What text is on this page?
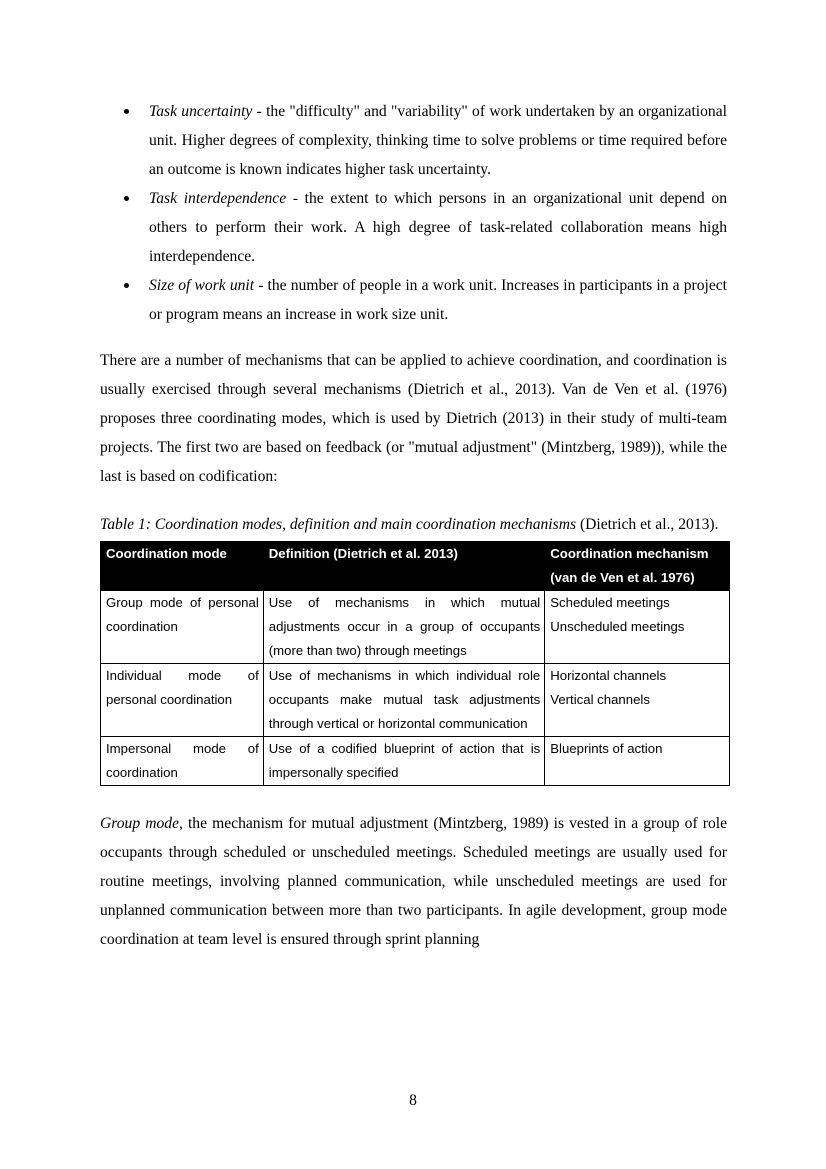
Task uncertainty - the "difficulty" and "variability" of work undertaken by an organizational unit. Higher degrees of complexity, thinking time to solve problems or time required before an outcome is known indicates higher task uncertainty.
Task interdependence - the extent to which persons in an organizational unit depend on others to perform their work. A high degree of task-related collaboration means high interdependence.
Size of work unit - the number of people in a work unit. Increases in participants in a project or program means an increase in work size unit.

There are a number of mechanisms that can be applied to achieve coordination, and coordination is usually exercised through several mechanisms (Dietrich et al., 2013). Van de Ven et al. (1976) proposes three coordinating modes, which is used by Dietrich (2013) in their study of multi-team projects. The first two are based on feedback (or "mutual adjustment" (Mintzberg, 1989)), while the last is based on codification:

Table 1: Coordination modes, definition and main coordination mechanisms (Dietrich et al., 2013).

Coordination mode	Definition (Dietrich et al. 2013)	Coordination mechanism (van de Ven et al. 1976)
Group mode of personal coordination	Use of mechanisms in which mutual adjustments occur in a group of occupants (more than two) through meetings	Scheduled meetings
Unscheduled meetings

Individual mode of personal coordination	Use of mechanisms in which individual role occupants make mutual task adjustments through vertical or horizontal communication	Horizontal channels
Vertical channels

Impersonal mode of coordination	Use of a codified blueprint of action that is impersonally specified	Blueprints of action

Group mode, the mechanism for mutual adjustment (Mintzberg, 1989) is vested in a group of role occupants through scheduled or unscheduled meetings. Scheduled meetings are usually used for routine meetings, involving planned communication, while unscheduled meetings are used for unplanned communication between more than two participants. In agile development, group mode coordination at team level is ensured through sprint planning

8
